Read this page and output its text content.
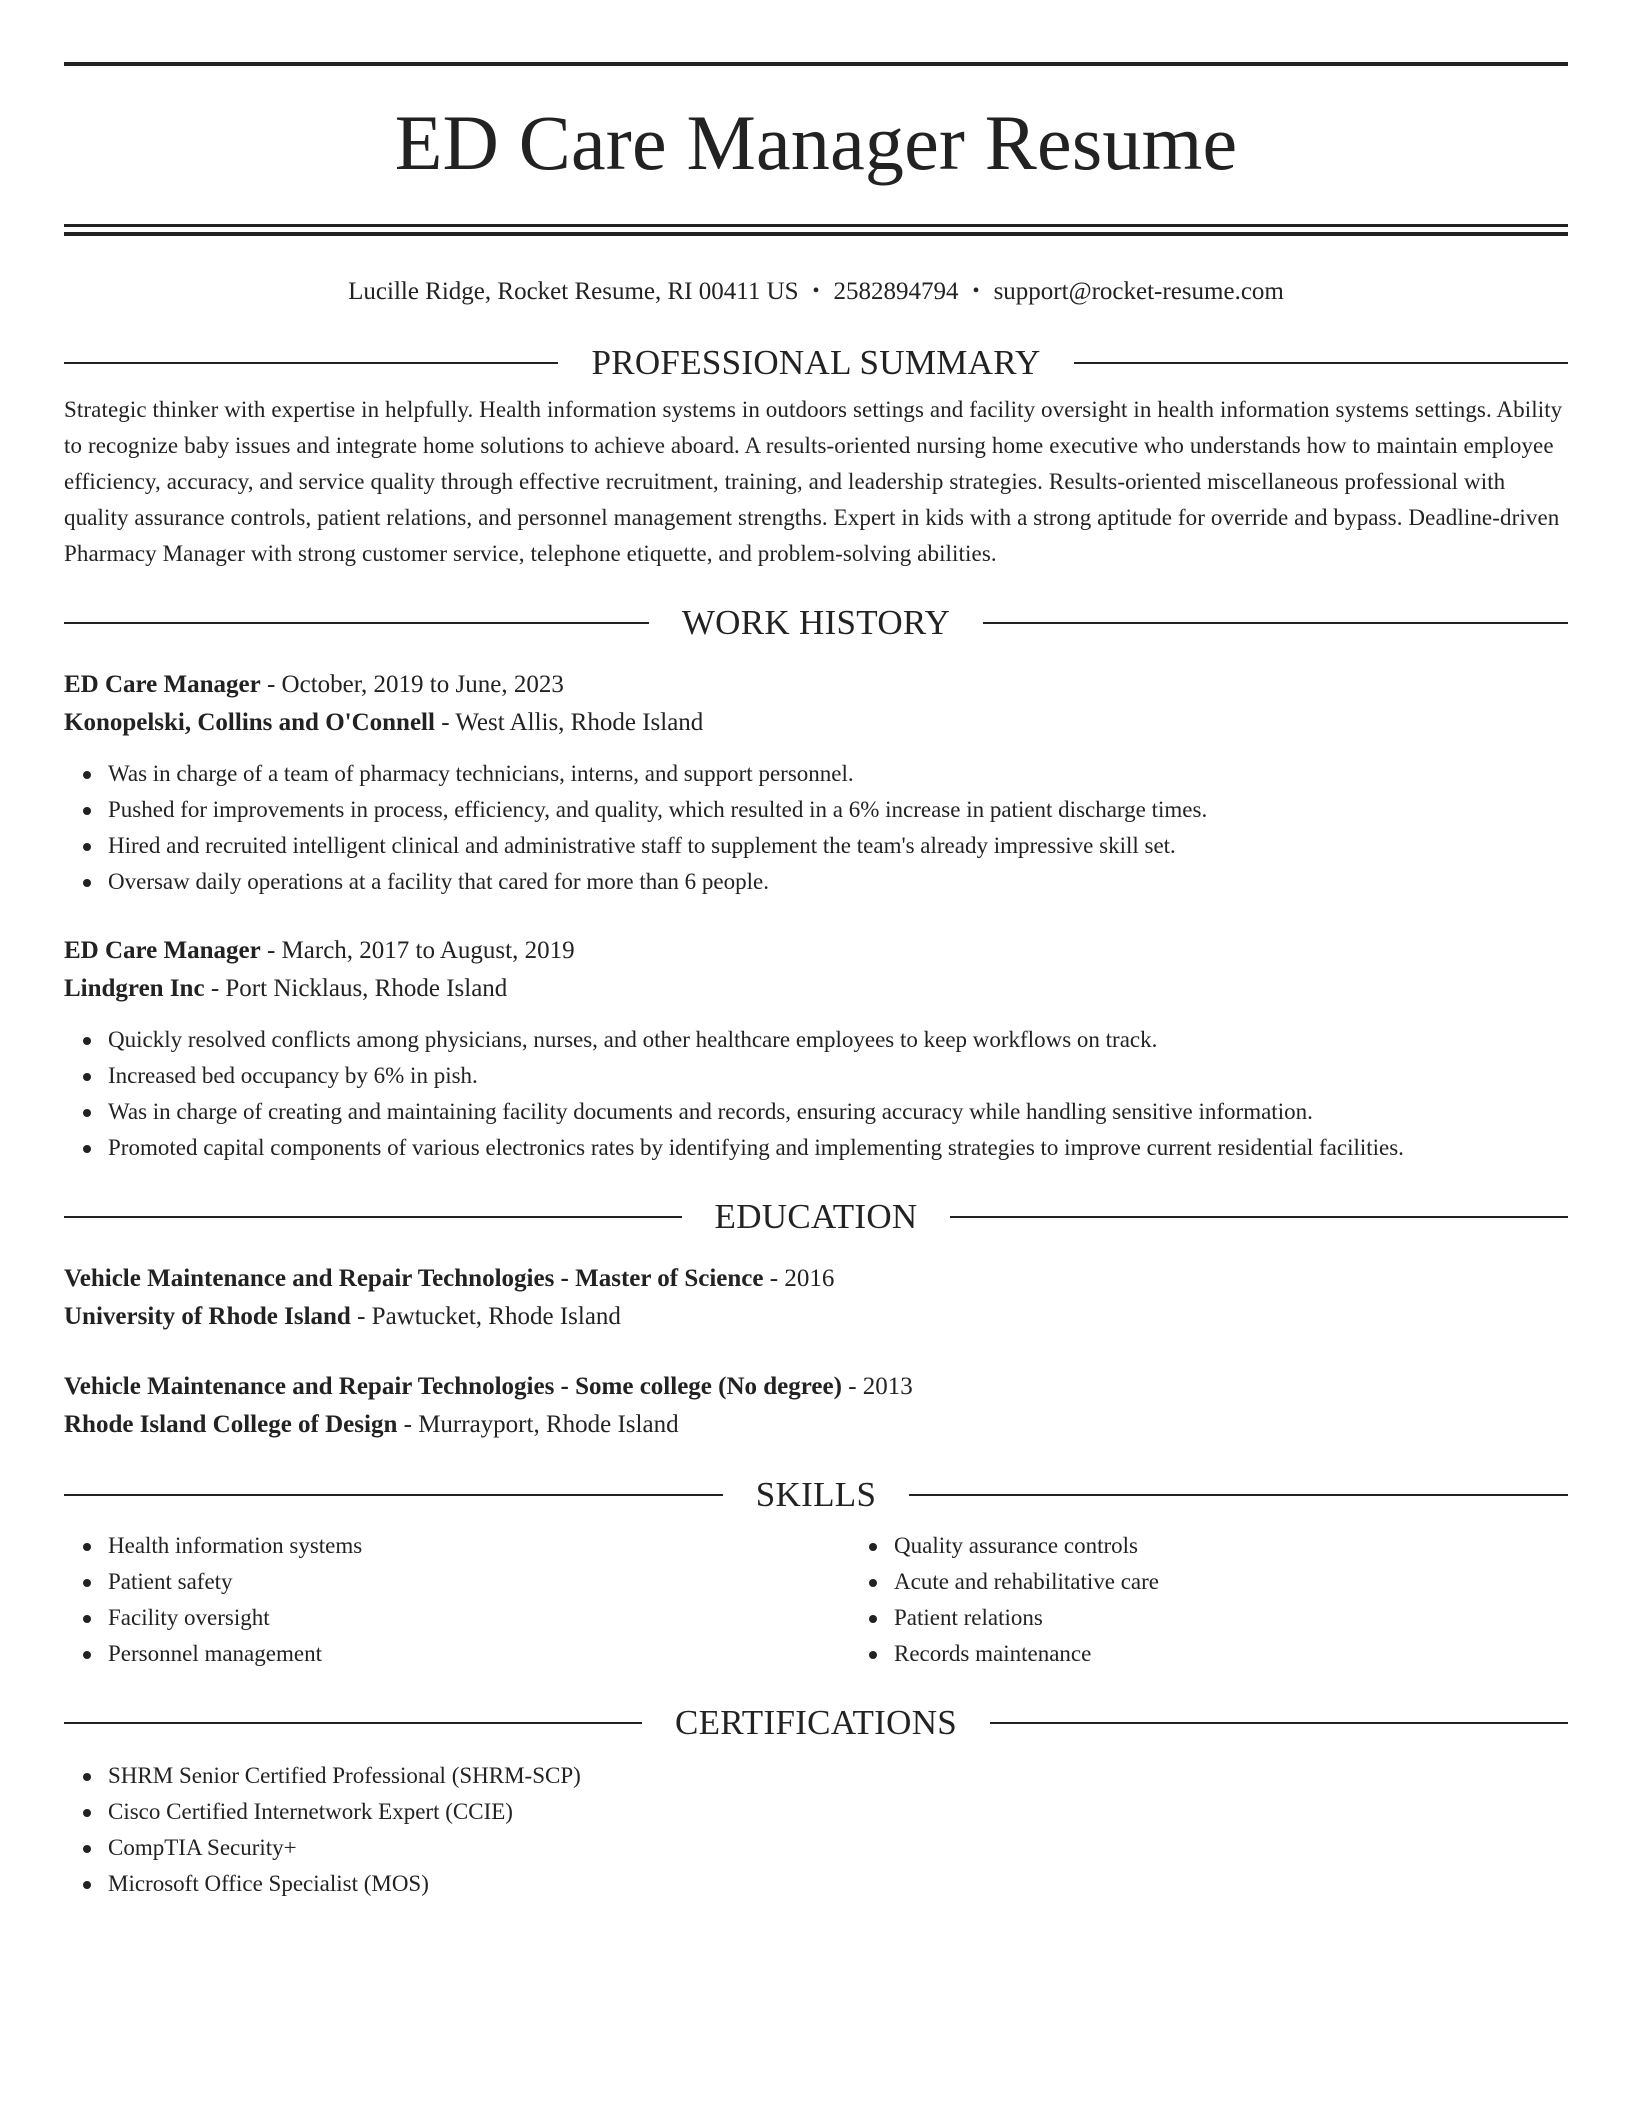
ED Care Manager Resume
Lucille Ridge, Rocket Resume, RI 00411 US • 2582894794 • support@rocket-resume.com
PROFESSIONAL SUMMARY
Strategic thinker with expertise in helpfully. Health information systems in outdoors settings and facility oversight in health information systems settings. Ability to recognize baby issues and integrate home solutions to achieve aboard. A results-oriented nursing home executive who understands how to maintain employee efficiency, accuracy, and service quality through effective recruitment, training, and leadership strategies. Results-oriented miscellaneous professional with quality assurance controls, patient relations, and personnel management strengths. Expert in kids with a strong aptitude for override and bypass. Deadline-driven Pharmacy Manager with strong customer service, telephone etiquette, and problem-solving abilities.
WORK HISTORY
ED Care Manager - October, 2019 to June, 2023
Konopelski, Collins and O'Connell - West Allis, Rhode Island
Was in charge of a team of pharmacy technicians, interns, and support personnel.
Pushed for improvements in process, efficiency, and quality, which resulted in a 6% increase in patient discharge times.
Hired and recruited intelligent clinical and administrative staff to supplement the team's already impressive skill set.
Oversaw daily operations at a facility that cared for more than 6 people.
ED Care Manager - March, 2017 to August, 2019
Lindgren Inc - Port Nicklaus, Rhode Island
Quickly resolved conflicts among physicians, nurses, and other healthcare employees to keep workflows on track.
Increased bed occupancy by 6% in pish.
Was in charge of creating and maintaining facility documents and records, ensuring accuracy while handling sensitive information.
Promoted capital components of various electronics rates by identifying and implementing strategies to improve current residential facilities.
EDUCATION
Vehicle Maintenance and Repair Technologies - Master of Science - 2016
University of Rhode Island - Pawtucket, Rhode Island
Vehicle Maintenance and Repair Technologies - Some college (No degree) - 2013
Rhode Island College of Design - Murrayport, Rhode Island
SKILLS
Health information systems
Patient safety
Facility oversight
Personnel management
Quality assurance controls
Acute and rehabilitative care
Patient relations
Records maintenance
CERTIFICATIONS
SHRM Senior Certified Professional (SHRM-SCP)
Cisco Certified Internetwork Expert (CCIE)
CompTIA Security+
Microsoft Office Specialist (MOS)
